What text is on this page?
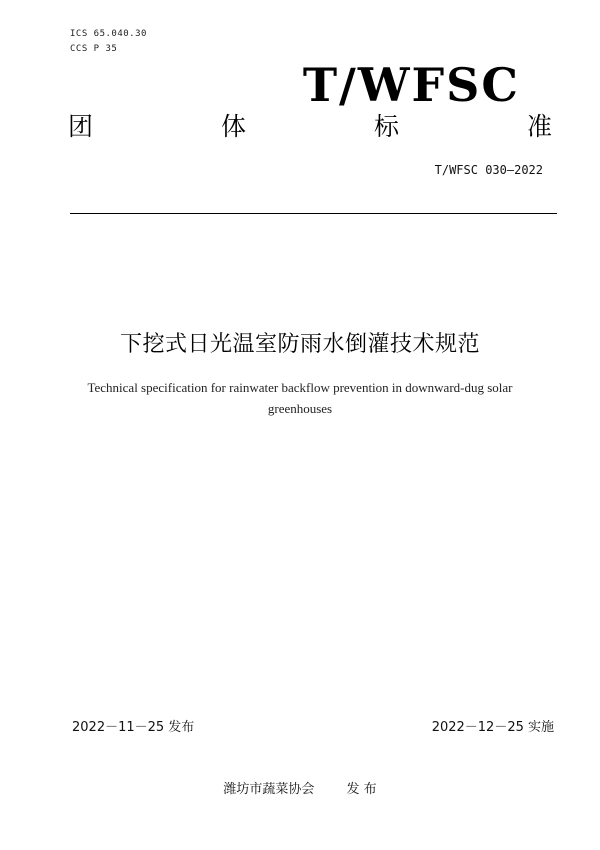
ICS 65.040.30
CCS P 35
T/WFSC
团	体	标	准
T/WFSC 030—2022
下挖式日光温室防雨水倒灌技术规范
Technical specification for rainwater backflow prevention in downward-dug solar greenhouses
2022－11－25 发布	2022－12－25 实施
潍坊市蔬菜协会 发 布
